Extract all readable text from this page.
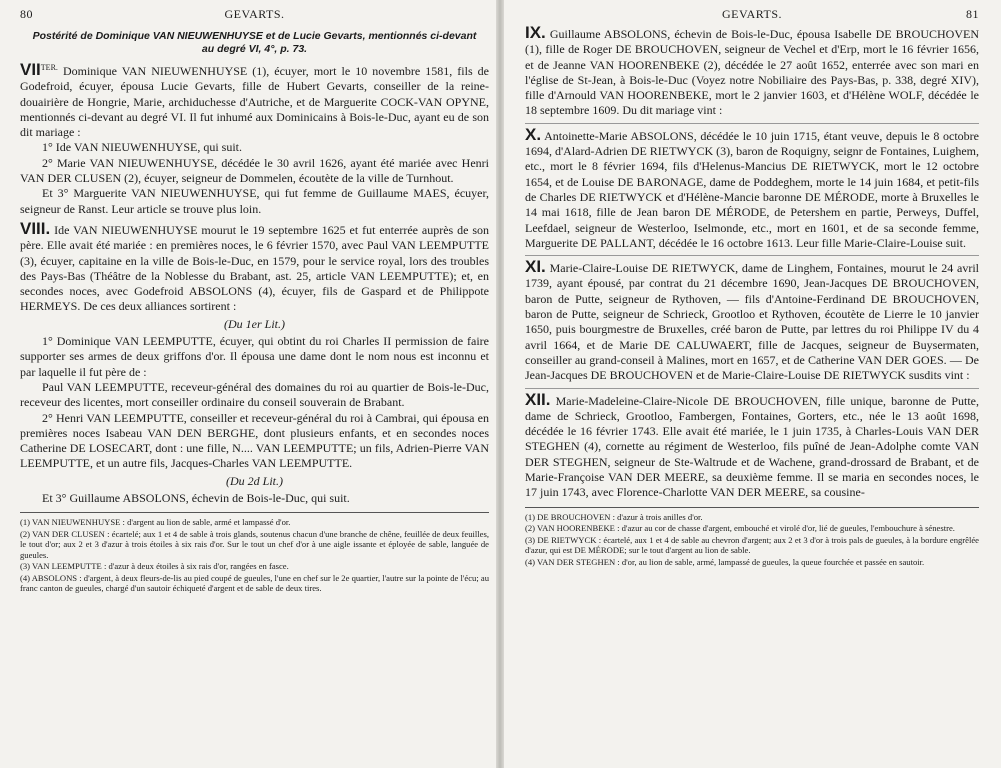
80	GEVARTS.
Postérité de Dominique VAN NIEUWENHUYSE et de Lucie Gevarts, mentionnés ci-devant au degré VI, 4°, p. 73.

$VII^{TER.}$ Dominique VAN NIEUWENHUYSE (1), écuyer, mort le 10 novembre 1581, fils de Godefroid, écuyer, épousa Lucie Gevarts, fille de Hubert Gevarts, conseiller de la reine-douairière de Hongrie, Marie, archiduchesse d'Autriche, et de Marguerite COCK-VAN OPYNE, mentionnés ci-devant au degré VI. Il fut inhumé aux Dominicains à Bois-le-Duc, ayant eu de son dit mariage :

1° Ide VAN NIEUWENHUYSE, qui suit.

2° Marie VAN NIEUWENHUYSE, décédée le 30 avril 1626, ayant été mariée avec Henri VAN DER CLUSEN (2), écuyer, seigneur de Dommelen, écoutète de la ville de Turnhout.

Et 3° Marguerite VAN NIEUWENHUYSE, qui fut femme de Guillaume MAES, écuyer, seigneur de Ranst. Leur article se trouve plus loin.

VIII. Ide VAN NIEUWENHUYSE mourut le 19 septembre 1625 et fut enterrée auprès de son père. Elle avait été mariée : en premières noces, le 6 février 1570, avec Paul VAN LEEMPUTTE (3), écuyer, capitaine en la ville de Bois-le-Duc, en 1579, pour le service royal, lors des troubles des Pays-Bas (Théâtre de la Noblesse du Brabant, ast. 25, article VAN LEEMPUTTE); et, en secondes noces, avec Godefroid ABSOLONS (4), écuyer, fils de Gaspard et de Philippote HERMEYS. De ces deux alliances sortirent :

(Du 1er Lit.)

1° Dominique VAN LEEMPUTTE, écuyer, qui obtint du roi Charles II permission de faire supporter ses armes de deux griffons d'or. Il épousa une dame dont le nom nous est inconnu et par laquelle il fut père de :

Paul VAN LEEMPUTTE, receveur-général des domaines du roi au quartier de Bois-le-Duc, receveur des licentes, mort conseiller ordinaire du conseil souverain de Brabant.

2° Henri VAN LEEMPUTTE, conseiller et receveur-général du roi à Cambrai, qui épousa en premières noces Isabeau VAN DEN BERGHE, dont plusieurs enfants, et en secondes noces Catherine DE LOSECART, dont : une fille, N.... VAN LEEMPUTTE; un fils, Adrien-Pierre VAN LEEMPUTTE, et un autre fils, Jacques-Charles VAN LEEMPUTTE.

(Du 2d Lit.)

Et 3° Guillaume ABSOLONS, échevin de Bois-le-Duc, qui suit.

(1) VAN NIEUWENHUYSE : d'argent au lion de sable, armé et lampassé d'or.

(2) VAN DER CLUSEN : écartelé; aux 1 et 4 de sable à trois glands, soutenus chacun d'une branche de chêne, feuillée de deux feuilles, le tout d'or; aux 2 et 3 d'azur à trois étoiles à six rais d'or. Sur le tout un chef d'or à une aigle issante et éployée de sable, languée de gueules.

(3) VAN LEEMPUTTE : d'azur à deux étoiles à six rais d'or, rangées en fasce.

(4) ABSOLONS : d'argent, à deux fleurs-de-lis au pied coupé de gueules, l'une en chef sur le 2e quartier, l'autre sur la pointe de l'écu; au franc canton de gueules, chargé d'un sautoir échiqueté d'argent et de sable de deux tires.

GEVARTS.	81

IX. Guillaume ABSOLONS, échevin de Bois-le-Duc, épousa Isabelle DE BROUCHOVEN (1), fille de Roger DE BROUCHOVEN, seigneur de Vechel et d'Erp, mort le 16 février 1656, et de Jeanne VAN HOORENBEKE (2), décédée le 27 août 1652, enterrée avec son mari en l'église de St-Jean, à Bois-le-Duc (Voyez notre Nobiliaire des Pays-Bas, p. 338, degré XIV), fille d'Arnould VAN HOORENBEKE, mort le 2 janvier 1603, et d'Hélène WOLF, décédée le 18 septembre 1609. Du dit mariage vint :

X. Antoinette-Marie ABSOLONS, décédée le 10 juin 1715, étant veuve, depuis le 8 octobre 1694, d'Alard-Adrien DE RIETWYCK (3), baron de Roquigny, seignr de Fontaines, Luighem, etc., mort le 8 février 1694, fils d'Helenus-Mancius DE RIETWYCK, mort le 12 octobre 1654, et de Louise DE BARONAGE, dame de Poddeghem, morte le 14 juin 1684, et petit-fils de Charles DE RIETWYCK et d'Hélène-Mancie baronne DE MÉRODE, morte à Bruxelles le 14 mai 1618, fille de Jean baron DE MÉRODE, de Petershem en partie, Perweys, Duffel, Leefdael, seigneur de Westerloo, Iselmonde, etc., mort en 1601, et de sa seconde femme, Marguerite DE PALLANT, décédée le 16 octobre 1613. Leur fille Marie-Claire-Louise suit.

XI. Marie-Claire-Louise DE RIETWYCK, dame de Linghem, Fontaines, mourut le 24 avril 1739, ayant épousé, par contrat du 21 décembre 1690, Jean-Jacques DE BROUCHOVEN, baron de Putte, seigneur de Rythoven, — fils d'Antoine-Ferdinand DE BROUCHOVEN, baron de Putte, seigneur de Schrieck, Grootloo et Rythoven, écoutète de Lierre le 10 janvier 1650, puis bourgmestre de Bruxelles, créé baron de Putte, par lettres du roi Philippe IV du 4 avril 1664, et de Marie DE CALUWAERT, fille de Jacques, seigneur de Buysermaten, conseiller au grand-conseil à Malines, mort en 1657, et de Catherine VAN DER GOES. — De Jean-Jacques DE BROUCHOVEN et de Marie-Claire-Louise DE RIETWYCK susdits vint :

XII. Marie-Madeleine-Claire-Nicole DE BROUCHOVEN, fille unique, baronne de Putte, dame de Schrieck, Grootloo, Fambergen, Fontaines, Gorters, etc., née le 13 août 1698, décédée le 16 février 1743. Elle avait été mariée, le 1 juin 1735, à Charles-Louis VAN DER STEGHEN (4), cornette au régiment de Westerloo, fils puîné de Jean-Adolphe comte VAN DER STEGHEN, seigneur de Ste-Waltrude et de Wachene, grand-drossard de Brabant, et de Marie-Françoise VAN DER MEERE, sa deuxième femme. Il se maria en secondes noces, le 17 juin 1743, avec Florence-Charlotte VAN DER MEERE, sa cousine-

(1) DE BROUCHOVEN : d'azur à trois anilles d'or.

(2) VAN HOORENBEKE : d'azur au cor de chasse d'argent, embouché et virolé d'or, lié de gueules, l'embouchure à sénestre.

(3) DE RIETWYCK : écartelé, aux 1 et 4 de sable au chevron d'argent; aux 2 et 3 d'or à trois pals de gueules, à la bordure engrêlée d'azur, qui est DE MÉRODE; sur le tout d'argent au lion de sable.

(4) VAN DER STEGHEN : d'or, au lion de sable, armé, lampassé de gueules, la queue fourchée et passée en sautoir.
